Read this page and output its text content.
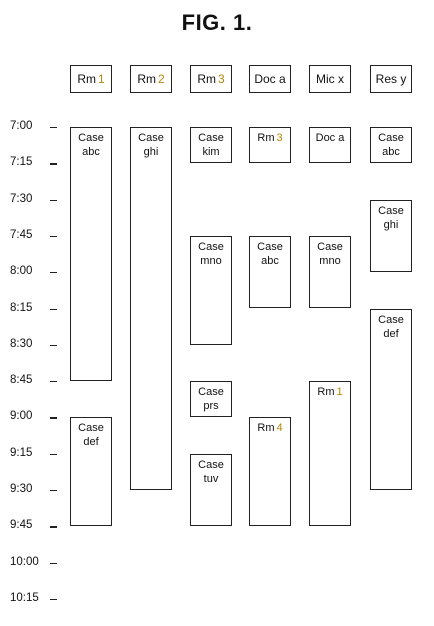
FIG. 1.
Rm 1	Rm 2	Rm 3 Doc a	Mic x	Res y
7:00
7:15
7:30
7:45
8:00
8:15
8:30
8:45
9:00
9:15
9:30
9:45
10:00
10:15
Case
abc
Case
def
Case
ghi
Case
kim
Case
mno
Case
prs
Case
tuv
Rm 3
Case
abc
Rm 4
Doc a
Case
mno
Rm 1
Case
abc
Case
ghi
Case
def
